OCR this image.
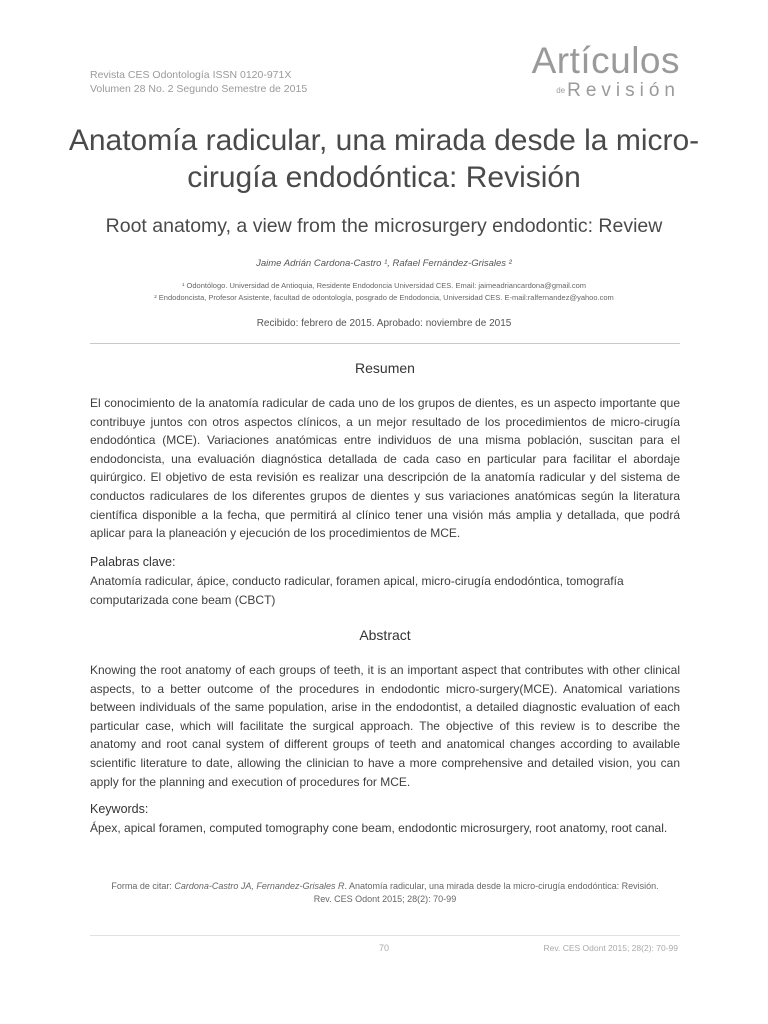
Revista CES Odontología ISSN 0120-971X
Volumen 28 No. 2 Segundo Semestre de 2015
Artículos
de Revisión
Anatomía radicular, una mirada desde la micro-cirugía endodóntica: Revisión
Root anatomy, a view from the microsurgery endodontic: Review
Jaime Adrián Cardona-Castro ¹, Rafael Fernández-Grisales ²
¹ Odontólogo. Universidad de Antioquia, Residente Endodoncia Universidad CES. Email: jaimeadriancardona@gmail.com
² Endodoncista, Profesor Asistente, facultad de odontología, posgrado de Endodoncia, Universidad CES. E-mail:ralfernandez@yahoo.com
Recibido: febrero de 2015. Aprobado: noviembre de 2015
Resumen
El conocimiento de la anatomía radicular de cada uno de los grupos de dientes, es un aspecto importante que contribuye juntos con otros aspectos clínicos, a un mejor resultado de los procedimientos de micro-cirugía endodóntica (MCE). Variaciones anatómicas entre individuos de una misma población, suscitan para el endodoncista, una evaluación diagnóstica detallada de cada caso en particular para facilitar el abordaje quirúrgico. El objetivo de esta revisión es realizar una descripción de la anatomía radicular y del sistema de conductos radiculares de los diferentes grupos de dientes y sus variaciones anatómicas según la literatura científica disponible a la fecha, que permitirá al clínico tener una visión más amplia y detallada, que podrá aplicar para la planeación y ejecución de los procedimientos de MCE.
Palabras clave:
Anatomía radicular, ápice, conducto radicular, foramen apical, micro-cirugía endodóntica, tomografía computarizada cone beam (CBCT)
Abstract
Knowing the root anatomy of each groups of teeth, it is an important aspect that contributes with other clinical aspects, to a better outcome of the procedures in endodontic micro-surgery(MCE). Anatomical variations between individuals of the same population, arise in the endodontist, a detailed diagnostic evaluation of each particular case, which will facilitate the surgical approach. The objective of this review is to describe the anatomy and root canal system of different groups of teeth and anatomical changes according to available scientific literature to date, allowing the clinician to have a more comprehensive and detailed vision, you can apply for the planning and execution of procedures for MCE.
Keywords:
Ápex, apical foramen, computed tomography cone beam, endodontic microsurgery, root anatomy, root canal.
Forma de citar: Cardona-Castro JA, Fernandez-Grisales R. Anatomía radicular, una mirada desde la micro-cirugía endodóntica: Revisión.
Rev. CES Odont 2015; 28(2): 70-99
70	Rev. CES Odont 2015; 28(2): 70-99
